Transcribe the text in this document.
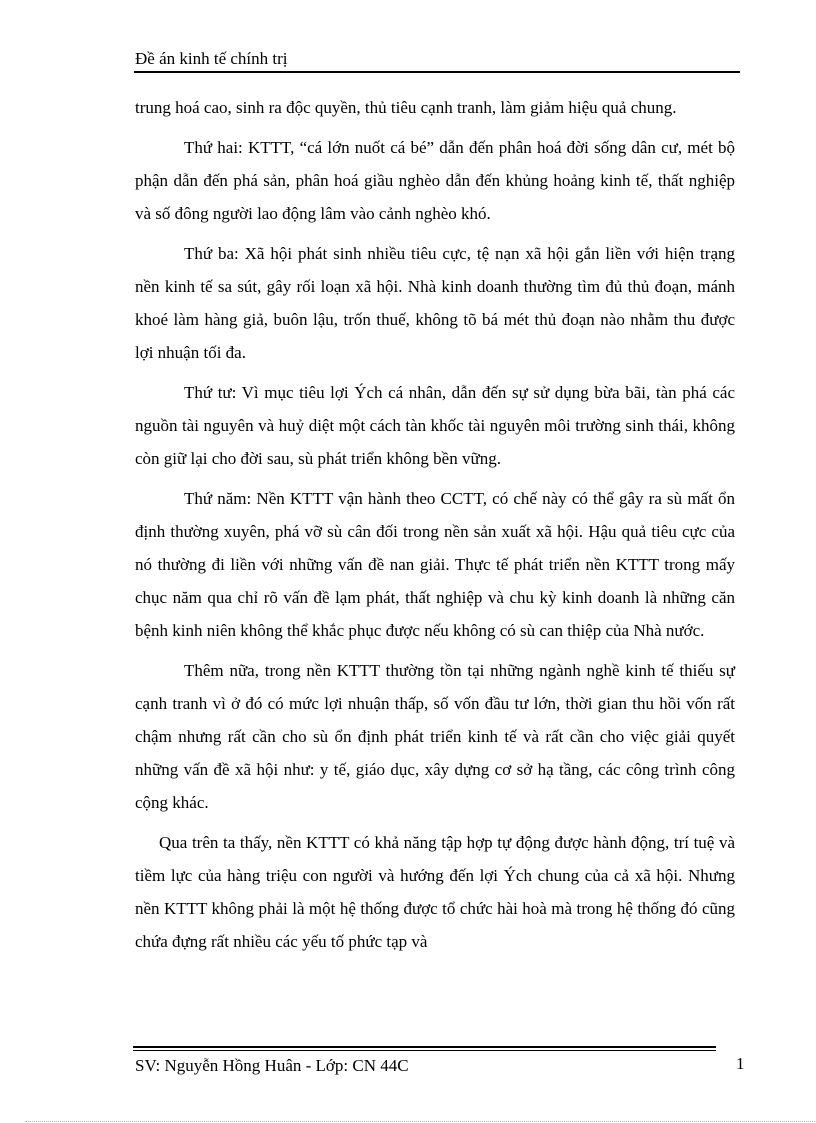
Đề án kinh tế chính trị

trung hoá cao, sinh ra độc quyền, thủ tiêu cạnh tranh, làm giảm hiệu quả chung.

Thứ hai: KTTT, “cá lớn nuốt cá bé” dẫn đến phân hoá đời sống dân cư, mét bộ phận dẫn đến phá sản, phân hoá giầu nghèo dẫn đến khủng hoảng kinh tế, thất nghiệp và số đông người lao động lâm vào cảnh nghèo khó.

Thứ ba: Xã hội phát sinh nhiều tiêu cực, tệ nạn xã hội gắn liền với hiện trạng nền kinh tế sa sút, gây rối loạn xã hội. Nhà kinh doanh thường tìm đủ thủ đoạn, mánh khoé làm hàng giả, buôn lậu, trốn thuế, không tõ bá mét thủ đoạn nào nhằm thu được lợi nhuận tối đa.

Thứ tư: Vì mục tiêu lợi Ých cá nhân, dẫn đến sự sử dụng bừa bãi, tàn phá các nguồn tài nguyên và huỷ diệt một cách tàn khốc tài nguyên môi trường sinh thái, không còn giữ lại cho đời sau, sù phát triển không bền vững.

Thứ năm: Nền KTTT vận hành theo CCTT, có chế này có thể gây ra sù mất ổn định thường xuyên, phá vỡ sù cân đối trong nền sản xuất xã hội. Hậu quả tiêu cực của nó thường đi liền với những vấn đề nan giải. Thực tế phát triển nền KTTT trong mấy chục năm qua chỉ rõ vấn đề lạm phát, thất nghiệp và chu kỳ kinh doanh là những căn bệnh kinh niên không thể khắc phục được nếu không có sù can thiệp của Nhà nước.

Thêm nữa, trong nền KTTT thường tồn tại những ngành nghề kinh tế thiếu sự cạnh tranh vì ở đó có mức lợi nhuận thấp, số vốn đầu tư lớn, thời gian thu hồi vốn rất chậm nhưng rất cần cho sù ổn định phát triển kinh tế và rất cần cho việc giải quyết những vấn đề xã hội như: y tế, giáo dục, xây dựng cơ sở hạ tầng, các công trình công cộng khác.

Qua trên ta thấy, nền KTTT có khả năng tập hợp tự động được hành động, trí tuệ và tiềm lực của hàng triệu con người và hướng đến lợi Ých chung của cả xã hội. Nhưng nền KTTT không phải là một hệ thống được tổ chức hài hoà mà trong hệ thống đó cũng chứa đựng rất nhiều các yếu tố phức tạp và

SV: Nguyễn Hồng Huân - Lớp: CN 44C	1
